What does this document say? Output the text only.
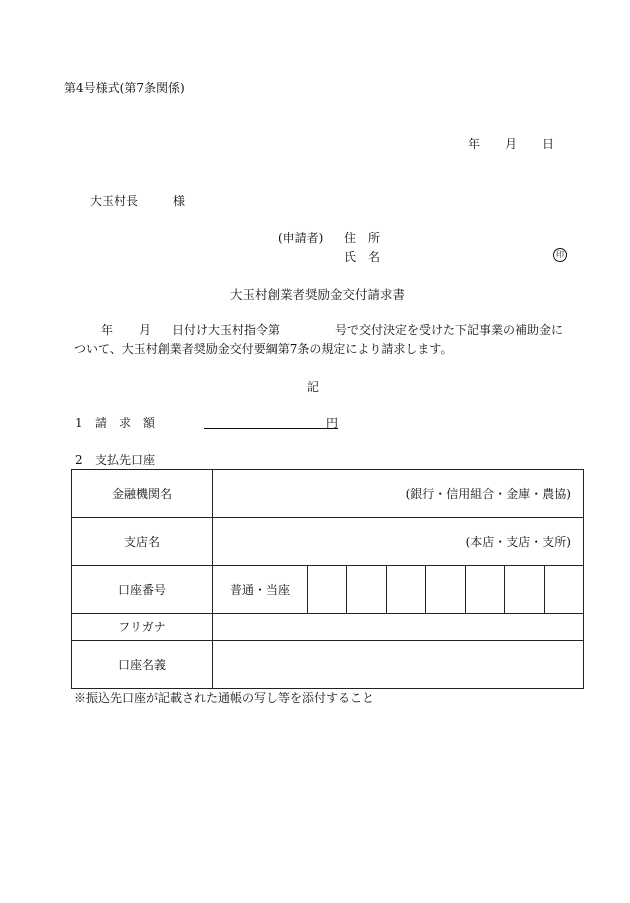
第4号様式(第7条関係)
年 月 日
大玉村長	様
(申請者) 住　所
氏　名	印
大玉村創業者奨励金交付請求書
年 月 日付け大玉村指令第	号で交付決定を受けた下記事業の補助金に
ついて、大玉村創業者奨励金交付要綱第7条の規定により請求します。
記
1 請　求　額	円
2 支払先口座
金融機関名	(銀行・信用組合・金庫・農協)							
支店名	(本店・支店・支所)							
口座番号	普通・当座							
フリガナ								
口座名義								
※振込先口座が記載された通帳の写し等を添付すること
